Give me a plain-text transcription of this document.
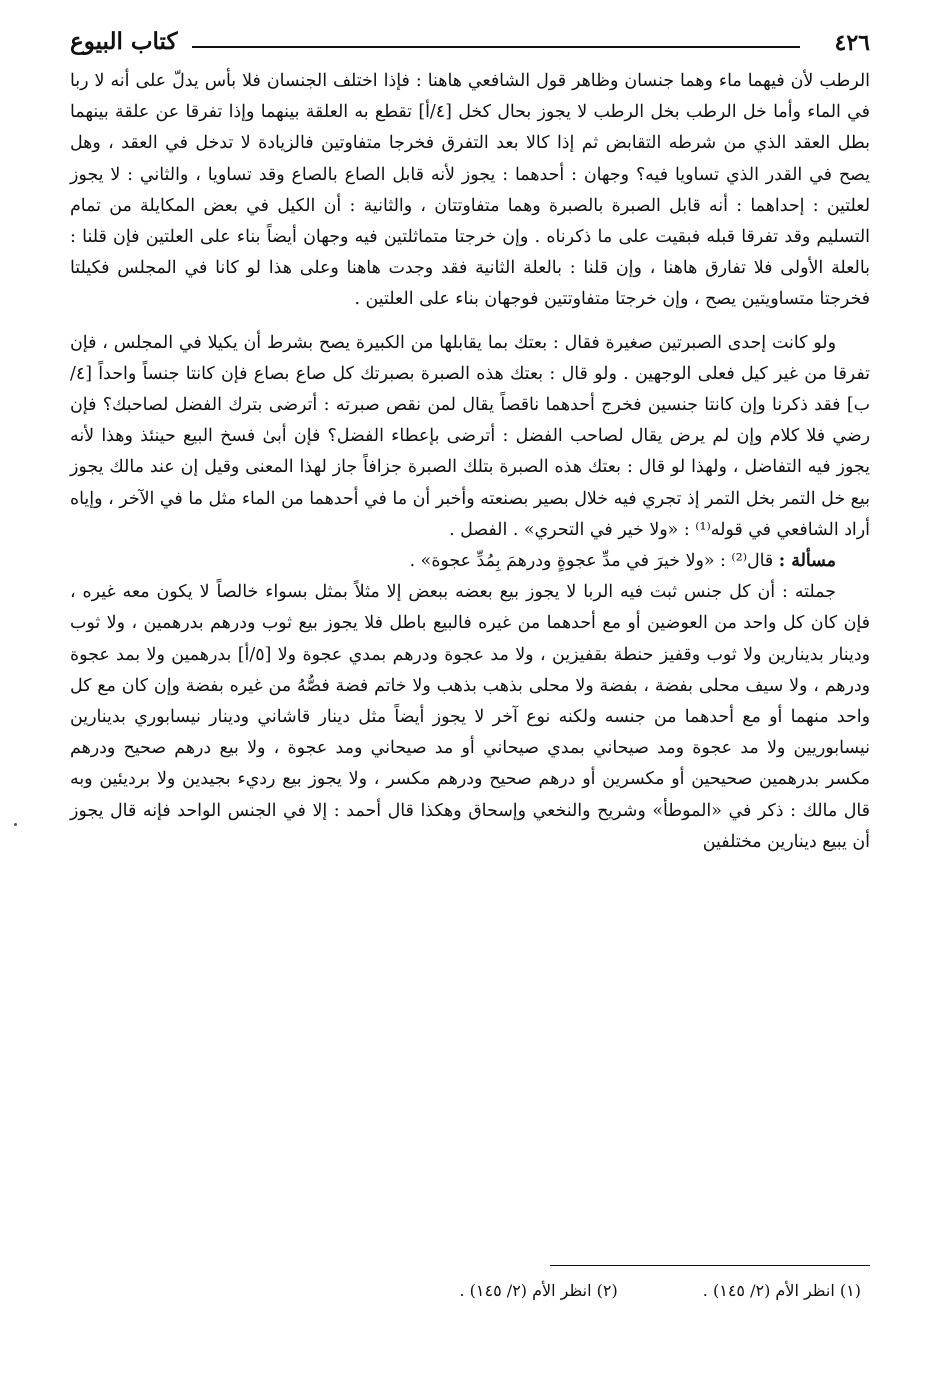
٤٢٦
كتاب البيوع

الرطب لأن فيهما ماء وهما جنسان وظاهر قول الشافعي هاهنا : فإذا اختلف الجنسان فلا بأس يدلّ على أنه لا ربا في الماء وأما خل الرطب بخل الرطب لا يجوز بحال كخل [٤/أ] تقطع به العلقة بينهما وإذا تفرقا عن علقة بينهما بطل العقد الذي من شرطه التقابض ثم إذا كالا بعد التفرق فخرجا متفاوتين فالزيادة لا تدخل في العقد ، وهل يصح في القدر الذي تساويا فيه؟ وجهان : أحدهما : يجوز لأنه قابل الصاع بالصاع وقد تساويا ، والثاني : لا يجوز لعلتين : إحداهما : أنه قابل الصبرة بالصبرة وهما متفاوتتان ، والثانية : أن الكيل في بعض المكايلة من تمام التسليم وقد تفرقا قبله فبقيت على ما ذكرناه . وإن خرجتا متماثلتين فيه وجهان أيضاً بناء على العلتين فإن قلنا : بالعلة الأولى فلا تفارق هاهنا ، وإن قلنا : بالعلة الثانية فقد وجدت هاهنا وعلى هذا لو كانا في المجلس فكيلتا فخرجتا متساويتين يصح ، وإن خرجتا متفاوتتين فوجهان بناء على العلتين .

ولو كانت إحدى الصبرتين صغيرة فقال : بعتك بما يقابلها من الكبيرة يصح بشرط أن يكيلا في المجلس ، فإن تفرقا من غير كيل فعلى الوجهين . ولو قال : بعتك هذه الصبرة بصبرتك كل صاع بصاع فإن كانتا جنساً واحداً [٤/ب] فقد ذكرنا وإن كانتا جنسين فخرج أحدهما ناقصاً يقال لمن نقص صبرته : أترضى بترك الفضل لصاحبك؟ فإن رضي فلا كلام وإن لم يرض يقال لصاحب الفضل : أترضى بإعطاء الفضل؟ فإن أبىٰ فسخ البيع حينئذ وهذا لأنه يجوز فيه التفاضل ، ولهذا لو قال : بعتك هذه الصبرة بتلك الصبرة جزافاً جاز لهذا المعنى وقيل إن عند مالك يجوز بيع خل التمر بخل التمر إذ تجري فيه خلال بصير بصنعته وأخبر أن ما في أحدهما من الماء مثل ما في الآخر ، وإياه أراد الشافعي في قوله⁽¹⁾ : «ولا خير في التحري» . الفصل .

مسألة : قال⁽²⁾ : «ولا خيرَ في مدِّ عجوةٍ ودرهمَ بِمُدِّ عجوة» .

جملته : أن كل جنس ثبت فيه الربا لا يجوز بيع بعضه ببعض إلا مثلاً بمثل بسواء خالصاً لا يكون معه غيره ، فإن كان كل واحد من العوضين أو مع أحدهما من غيره فالبيع باطل فلا يجوز بيع ثوب ودرهم بدرهمين ، ولا ثوب ودينار بدينارين ولا ثوب وقفيز حنطة بقفيزين ، ولا مد عجوة ودرهم بمدي عجوة ولا [٥/أ] بدرهمين ولا بمد عجوة ودرهم ، ولا سيف محلى بفضة ، بفضة ولا محلى بذهب بذهب ولا خاتم فضة فصُّهُ من غيره بفضة وإن كان مع كل واحد منهما أو مع أحدهما من جنسه ولكنه نوع آخر لا يجوز أيضاً مثل دينار قاشاني ودينار نيسابوري بدينارين نيسابوريين ولا مد عجوة ومد صيحاني بمدي صيحاني أو مد صيحاني ومد عجوة ، ولا بيع درهم صحيح ودرهم مكسر بدرهمين صحيحين أو مكسرين أو درهم صحيح ودرهم مكسر ، ولا يجوز بيع رديء بجيدين ولا برديئين وبه قال مالك : ذكر في «الموطأ» وشريح والنخعي وإسحاق وهكذا قال أحمد : إلا في الجنس الواحد فإنه قال يجوز أن يبيع دينارين مختلفين

(١) انظر الأم (٢/ ١٤٥) . (٢) انظر الأم (٢/ ١٤٥) .
